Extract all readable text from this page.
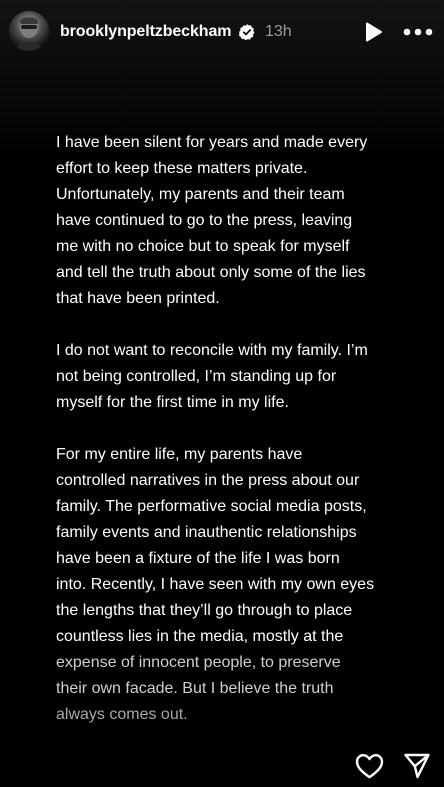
brooklynpeltzbeckham 13h

I have been silent for years and made every
effort to keep these matters private.
Unfortunately, my parents and their team
have continued to go to the press, leaving
me with no choice but to speak for myself
and tell the truth about only some of the lies
that have been printed.

I do not want to reconcile with my family. I’m
not being controlled, I’m standing up for
myself for the first time in my life.

For my entire life, my parents have
controlled narratives in the press about our
family. The performative social media posts,
family events and inauthentic relationships
have been a fixture of the life I was born
into. Recently, I have seen with my own eyes
the lengths that they’ll go through to place
countless lies in the media, mostly at the
expense of innocent people, to preserve
their own facade. But I believe the truth
always comes out.
